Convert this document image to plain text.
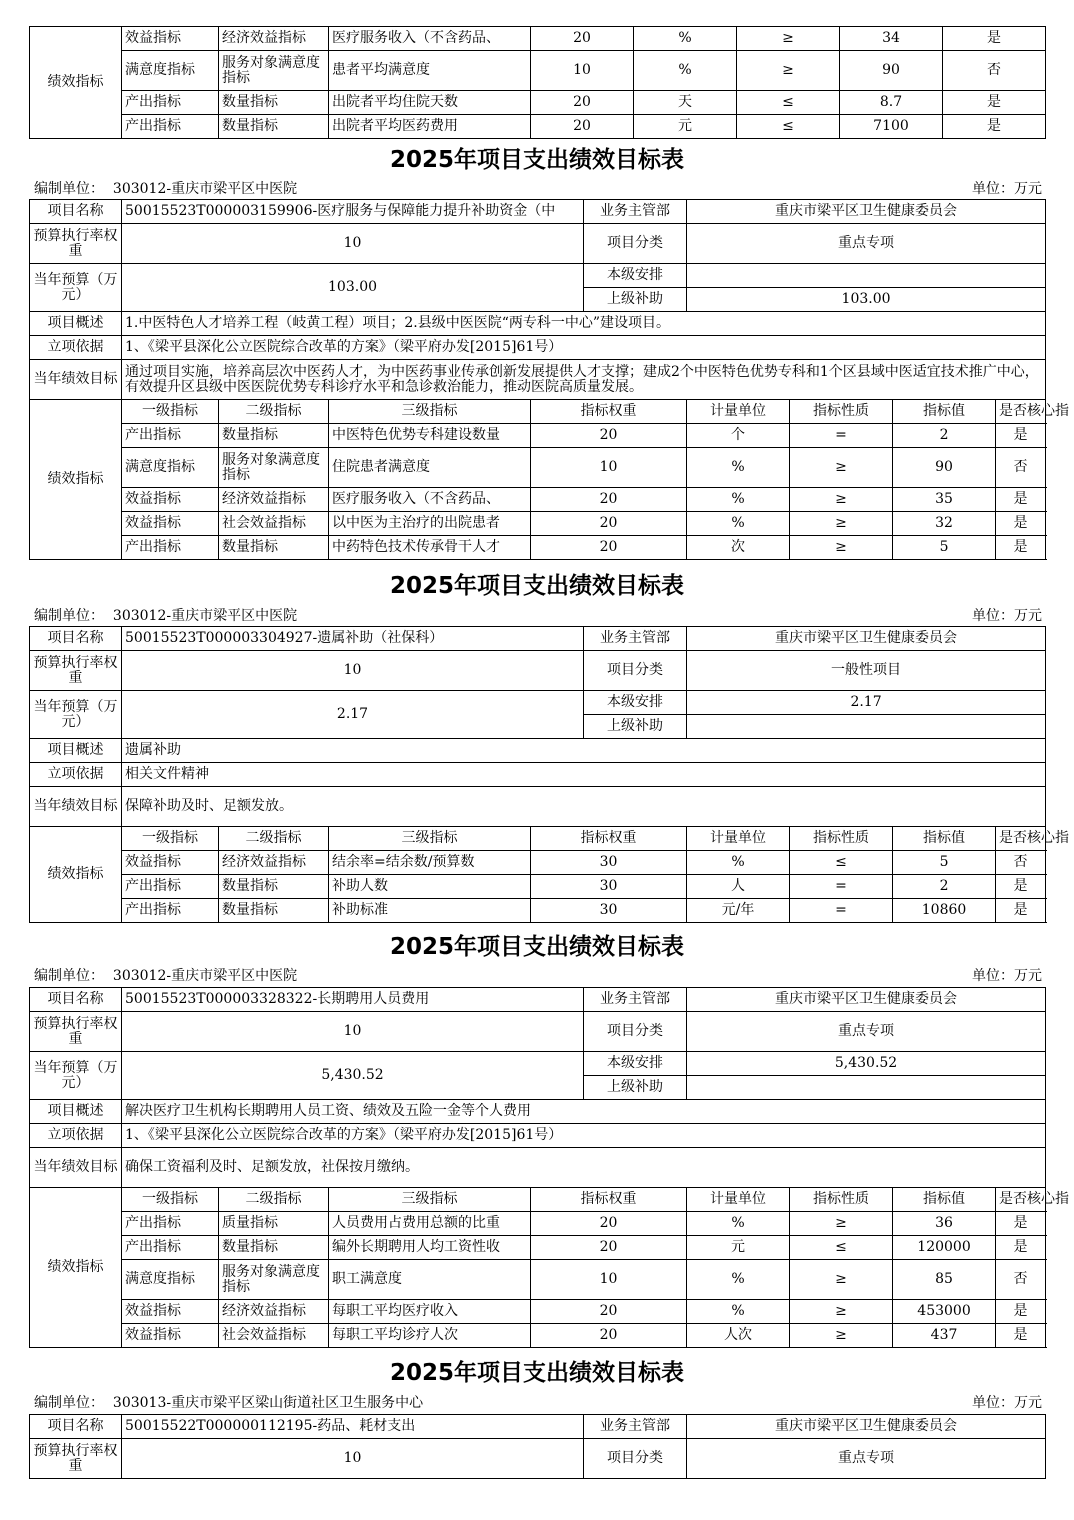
绩效指标	效益指标	经济效益指标	医疗服务收入（不含药品、	20	%	≥	34	是
	满意度指标	服务对象满意度指标	患者平均满意度	10	%	≥	90	否
	产出指标	数量指标	出院者平均住院天数	20	天	≤	8.7	是
	产出指标	数量指标	出院者平均医药费用	20	元	≤	7100	是
2025年项目支出绩效目标表
编制单位： 303012-重庆市梁平区中医院	单位：万元
项目名称	50015523T000003159906-医疗服务与保障能力提升补助资金（中				业务主管部	重庆市梁平区卫生健康委员会			
预算执行率权重	10				项目分类	重点专项			
当年预算（万元）	103.00				本级安排				
					上级补助	103.00			
项目概述	1.中医特色人才培养工程（岐黄工程）项目；2.县级中医医院“两专科一中心”建设项目。								
立项依据	1、《梁平县深化公立医院综合改革的方案》（梁平府办发[2015]61号）								
当年绩效目标	通过项目实施，培养高层次中医药人才，为中医药事业传承创新发展提供人才支撑；建成2个中医特色优势专科和1个区县域中医适宜技术推广中心，有效提升区县级中医医院优势专科诊疗水平和急诊救治能力，推动医院高质量发展。								
绩效指标	一级指标	二级指标	三级指标	指标权重		计量单位	指标性质	指标值	是否核心指
	产出指标	数量指标	中医特色优势专科建设数量	20		个	=	2	是
	满意度指标	服务对象满意度指标	住院患者满意度	10		%	≥	90	否
	效益指标	经济效益指标	医疗服务收入（不含药品、	20		%	≥	35	是
	效益指标	社会效益指标	以中医为主治疗的出院患者	20		%	≥	32	是
	产出指标	数量指标	中药特色技术传承骨干人才	20		次	≥	5	是
2025年项目支出绩效目标表
编制单位： 303012-重庆市梁平区中医院	单位：万元
项目名称	50015523T000003304927-遗属补助（社保科）				业务主管部	重庆市梁平区卫生健康委员会			
预算执行率权重	10				项目分类	一般性项目			
当年预算（万元）	2.17				本级安排	2.17			
					上级补助				
项目概述	遗属补助								
立项依据	相关文件精神								
当年绩效目标	保障补助及时、足额发放。								
绩效指标	一级指标	二级指标	三级指标	指标权重		计量单位	指标性质	指标值	是否核心指
	效益指标	经济效益指标	结余率=结余数/预算数	30		%	≤	5	否
	产出指标	数量指标	补助人数	30		人	=	2	是
	产出指标	数量指标	补助标准	30		元/年	=	10860	是
2025年项目支出绩效目标表
编制单位： 303012-重庆市梁平区中医院	单位：万元
项目名称	50015523T000003328322-长期聘用人员费用				业务主管部	重庆市梁平区卫生健康委员会			
预算执行率权重	10				项目分类	重点专项			
当年预算（万元）	5,430.52				本级安排	5,430.52			
					上级补助				
项目概述	解决医疗卫生机构长期聘用人员工资、绩效及五险一金等个人费用								
立项依据	1、《梁平县深化公立医院综合改革的方案》（梁平府办发[2015]61号）								
当年绩效目标	确保工资福利及时、足额发放，社保按月缴纳。								
绩效指标	一级指标	二级指标	三级指标	指标权重		计量单位	指标性质	指标值	是否核心指
	产出指标	质量指标	人员费用占费用总额的比重	20		%	≥	36	是
	产出指标	数量指标	编外长期聘用人均工资性收	20		元	≤	120000	是
	满意度指标	服务对象满意度指标	职工满意度	10		%	≥	85	否
	效益指标	经济效益指标	每职工平均医疗收入	20		%	≥	453000	是
	效益指标	社会效益指标	每职工平均诊疗人次	20		人次	≥	437	是
2025年项目支出绩效目标表
编制单位： 303013-重庆市梁平区梁山街道社区卫生服务中心	单位：万元
项目名称	50015522T000000112195-药品、耗材支出	业务主管部	重庆市梁平区卫生健康委员会
预算执行率权重	10	项目分类	重点专项
